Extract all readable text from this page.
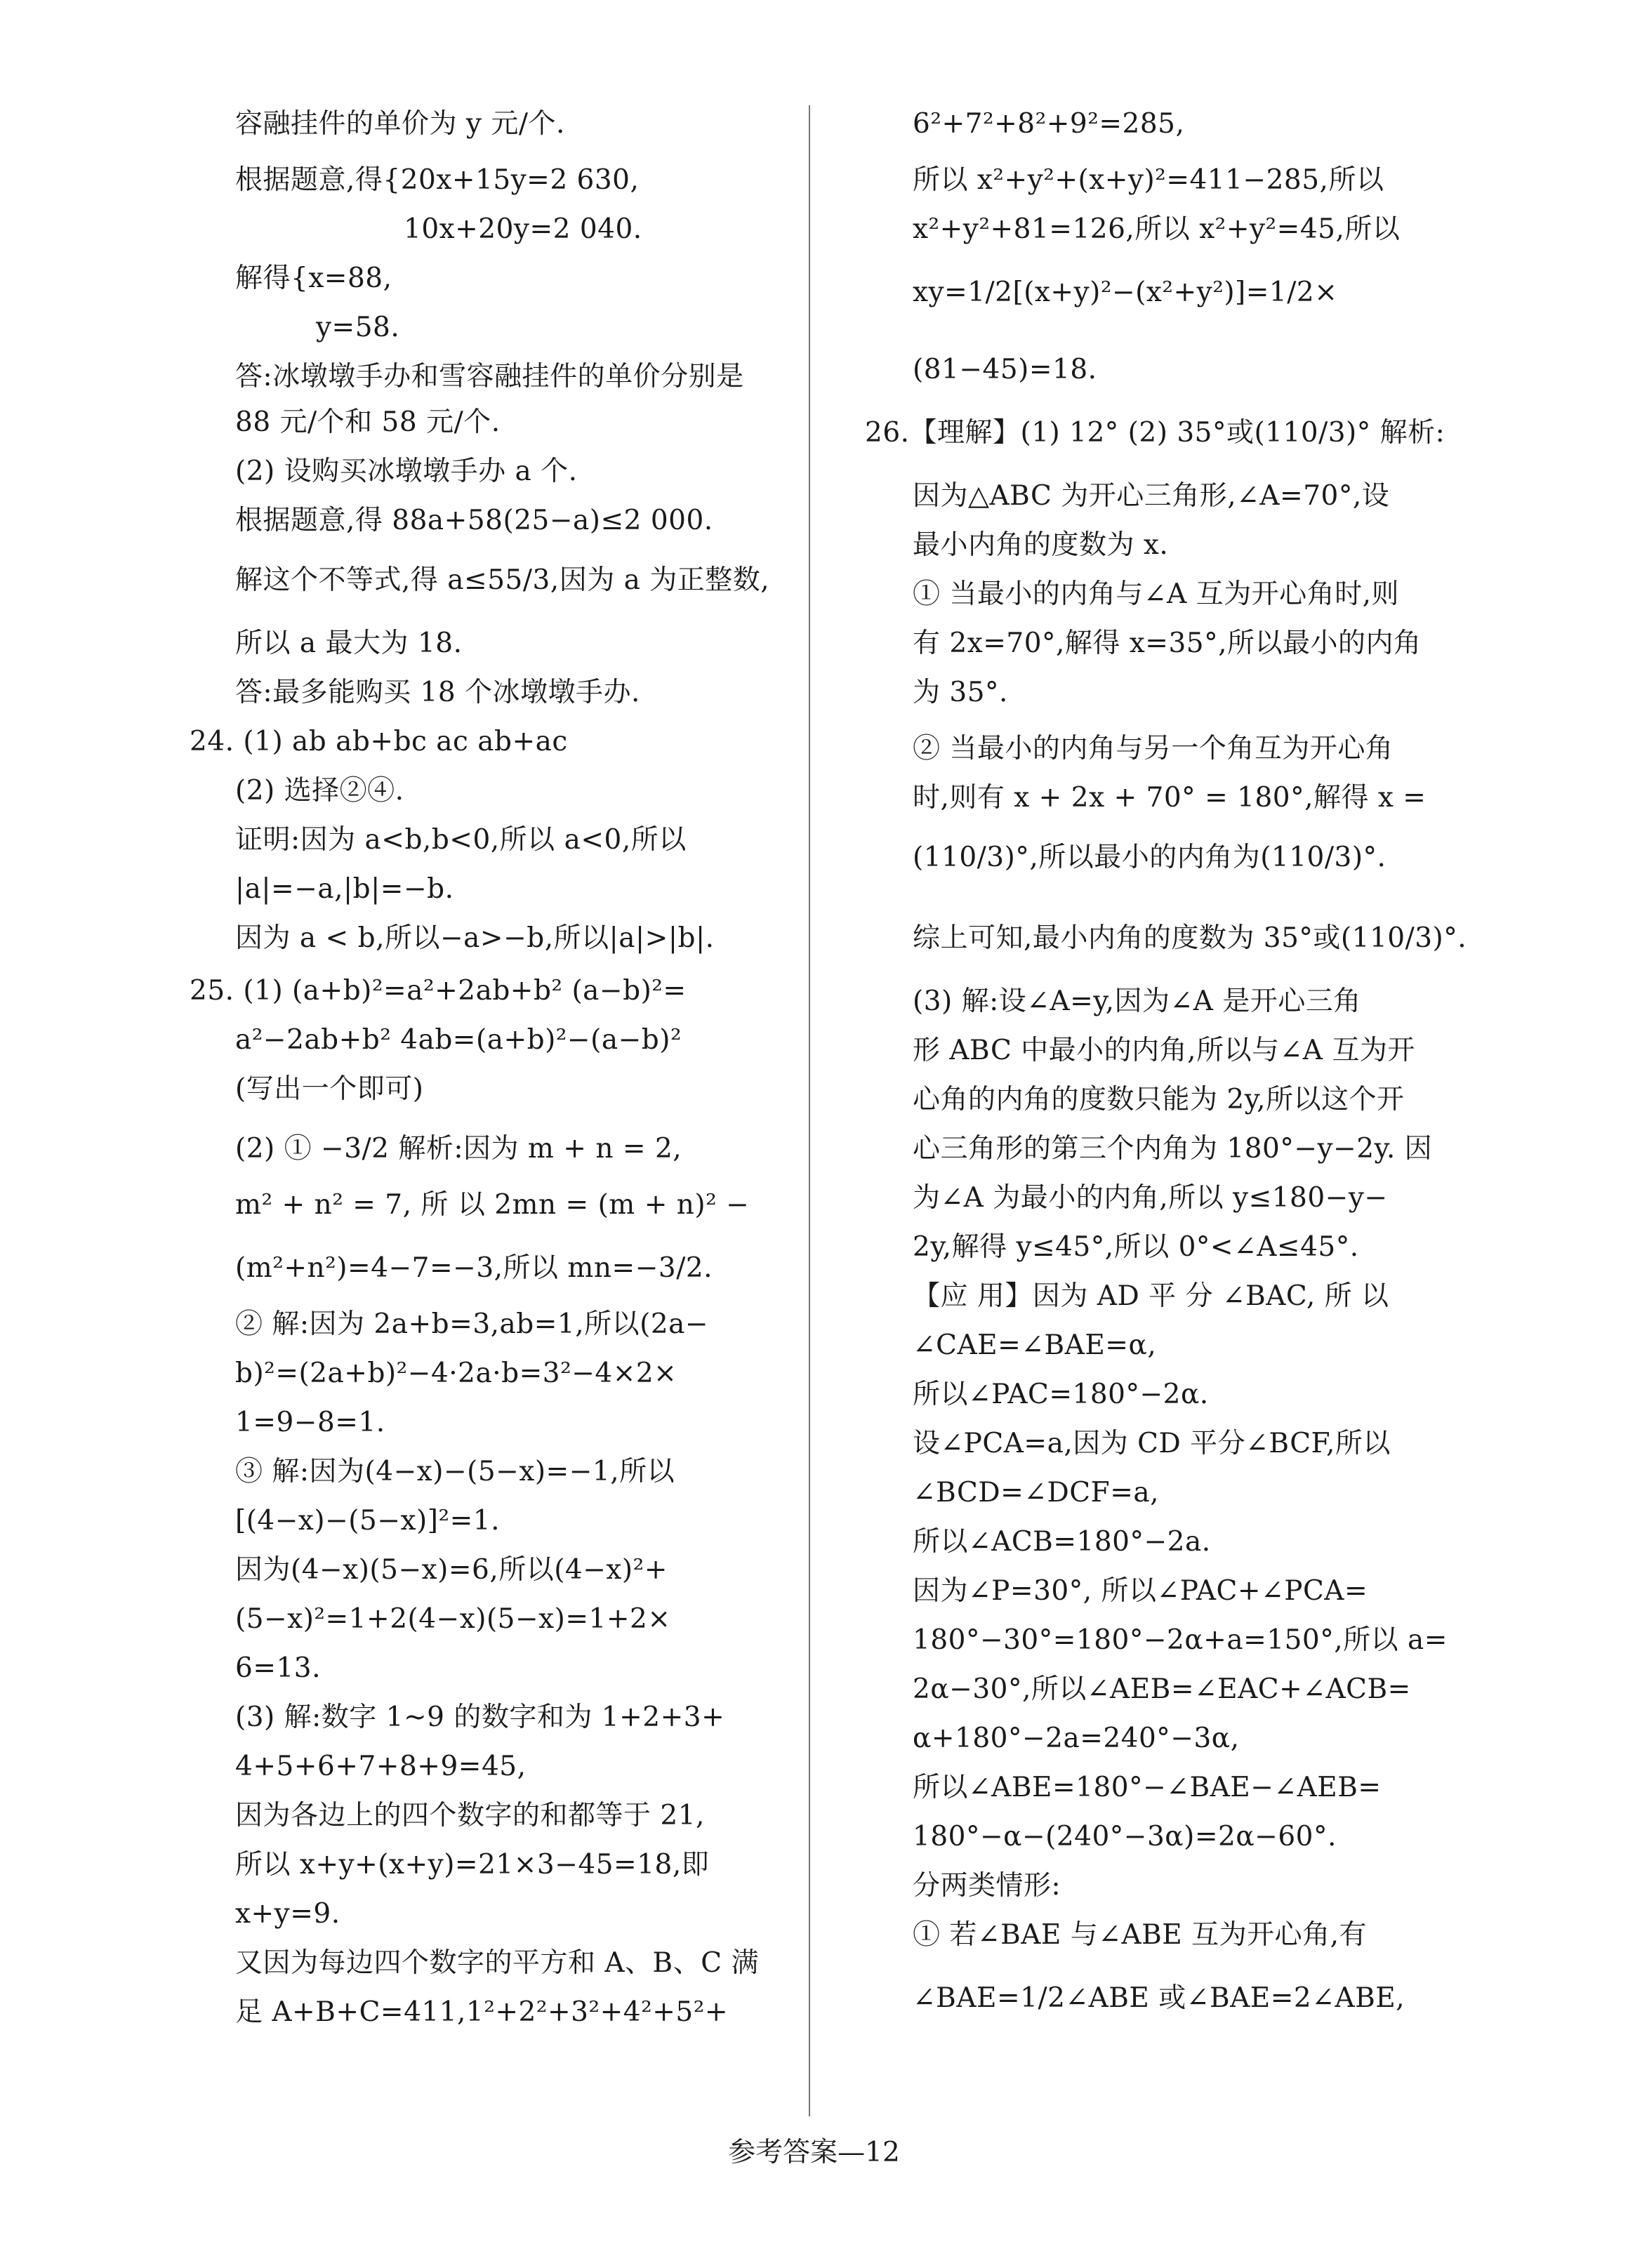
容融挂件的单价为 y 元/个.
根据题意,得{20x+15y=2 630,
10x+20y=2 040.
解得{x=88,
y=58.
答:冰墩墩手办和雪容融挂件的单价分别是
88 元/个和 58 元/个.
(2) 设购买冰墩墩手办 a 个.
根据题意,得 88a+58(25−a)≤2 000.
解这个不等式,得 a≤55/3,因为 a 为正整数,
所以 a 最大为 18.
答:最多能购买 18 个冰墩墩手办.
24. (1) ab ab+bc ac ab+ac
(2) 选择②④.
证明:因为 a<b,b<0,所以 a<0,所以
|a|=−a,|b|=−b.
因为 a < b,所以−a>−b,所以|a|>|b|.
25. (1) (a+b)²=a²+2ab+b² (a−b)²=
a²−2ab+b² 4ab=(a+b)²−(a−b)²
(写出一个即可)
(2) ① −3/2 解析:因为 m + n = 2,
m² + n² = 7, 所 以 2mn = (m + n)² −
(m²+n²)=4−7=−3,所以 mn=−3/2.
② 解:因为 2a+b=3,ab=1,所以(2a−
b)²=(2a+b)²−4·2a·b=3²−4×2×
1=9−8=1.
③ 解:因为(4−x)−(5−x)=−1,所以
[(4−x)−(5−x)]²=1.
因为(4−x)(5−x)=6,所以(4−x)²+
(5−x)²=1+2(4−x)(5−x)=1+2×
6=13.
(3) 解:数字 1~9 的数字和为 1+2+3+
4+5+6+7+8+9=45,
因为各边上的四个数字的和都等于 21,
所以 x+y+(x+y)=21×3−45=18,即
x+y=9.
又因为每边四个数字的平方和 A、B、C 满
足 A+B+C=411,1²+2²+3²+4²+5²+
6²+7²+8²+9²=285,
所以 x²+y²+(x+y)²=411−285,所以
x²+y²+81=126,所以 x²+y²=45,所以
xy=1/2[(x+y)²−(x²+y²)]=1/2×
(81−45)=18.
26.【理解】(1) 12° (2) 35°或(110/3)° 解析:
因为△ABC 为开心三角形,∠A=70°,设
最小内角的度数为 x.
① 当最小的内角与∠A 互为开心角时,则
有 2x=70°,解得 x=35°,所以最小的内角
为 35°.
② 当最小的内角与另一个角互为开心角
时,则有 x + 2x + 70° = 180°,解得 x =
(110/3)°,所以最小的内角为(110/3)°.
综上可知,最小内角的度数为 35°或(110/3)°.
(3) 解:设∠A=y,因为∠A 是开心三角
形 ABC 中最小的内角,所以与∠A 互为开
心角的内角的度数只能为 2y,所以这个开
心三角形的第三个内角为 180°−y−2y. 因
为∠A 为最小的内角,所以 y≤180−y−
2y,解得 y≤45°,所以 0°<∠A≤45°.
【应 用】因为 AD 平 分 ∠BAC, 所 以
∠CAE=∠BAE=α,
所以∠PAC=180°−2α.
设∠PCA=a,因为 CD 平分∠BCF,所以
∠BCD=∠DCF=a,
所以∠ACB=180°−2a.
因为∠P=30°, 所以∠PAC+∠PCA=
180°−30°=180°−2α+a=150°,所以 a=
2α−30°,所以∠AEB=∠EAC+∠ACB=
α+180°−2a=240°−3α,
所以∠ABE=180°−∠BAE−∠AEB=
180°−α−(240°−3α)=2α−60°.
分两类情形:
① 若∠BAE 与∠ABE 互为开心角,有
∠BAE=1/2∠ABE 或∠BAE=2∠ABE,
参考答案—12
